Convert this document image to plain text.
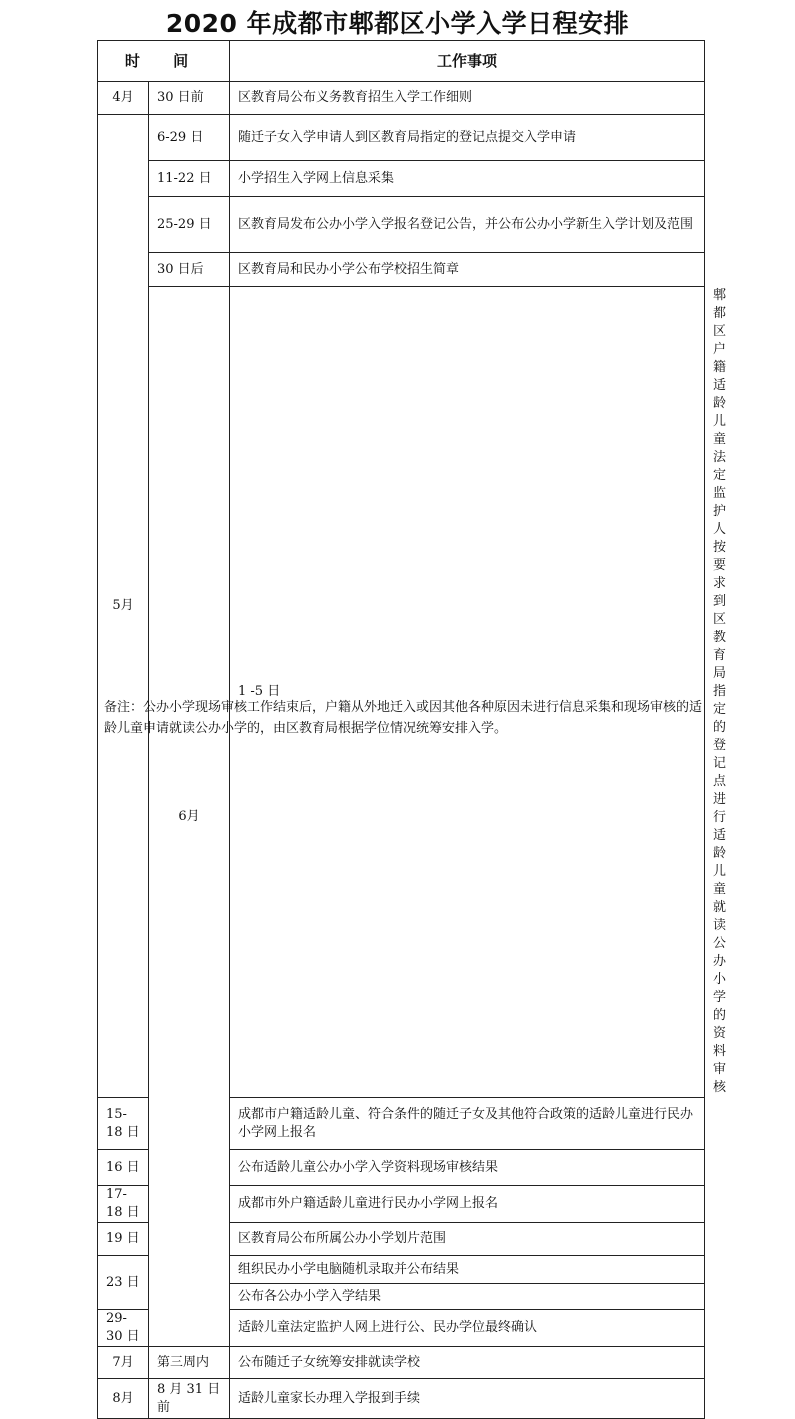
2020 年成都市郫都区小学入学日程安排
时 间		工作事项	
4月	30 日前	区教育局公布义务教育招生入学工作细则	
5月	6-29 日	随迁子女入学申请人到区教育局指定的登记点提交入学申请	
	11-22 日	小学招生入学网上信息采集	
	25-29 日	区教育局发布公办小学入学报名登记公告，并公布公办小学新生入学计划及范围	
	30 日后	区教育局和民办小学公布学校招生简章	
	6月	1 -5 日	郫都区户籍适龄儿童法定监护人按要求到区教育局指定的登记点进行适龄儿童就读公办小学的资料审核
15-18 日		成都市户籍适龄儿童、符合条件的随迁子女及其他符合政策的适龄儿童进行民办小学网上报名	
16 日		公布适龄儿童公办小学入学资料现场审核结果	
17-18 日		成都市外户籍适龄儿童进行民办小学网上报名	
19 日		区教育局公布所属公办小学划片范围	
23 日		组织民办小学电脑随机录取并公布结果	
		公布各公办小学入学结果	
29-30 日		适龄儿童法定监护人网上进行公、民办学位最终确认	
7月	第三周内	公布随迁子女统筹安排就读学校	
8月	8 月 31 日前	适龄儿童家长办理入学报到手续	
备注：公办小学现场审核工作结束后，户籍从外地迁入或因其他各种原因未进行信息采集和现场审核的适龄儿童申请就读公办小学的，由区教育局根据学位情况统筹安排入学。
